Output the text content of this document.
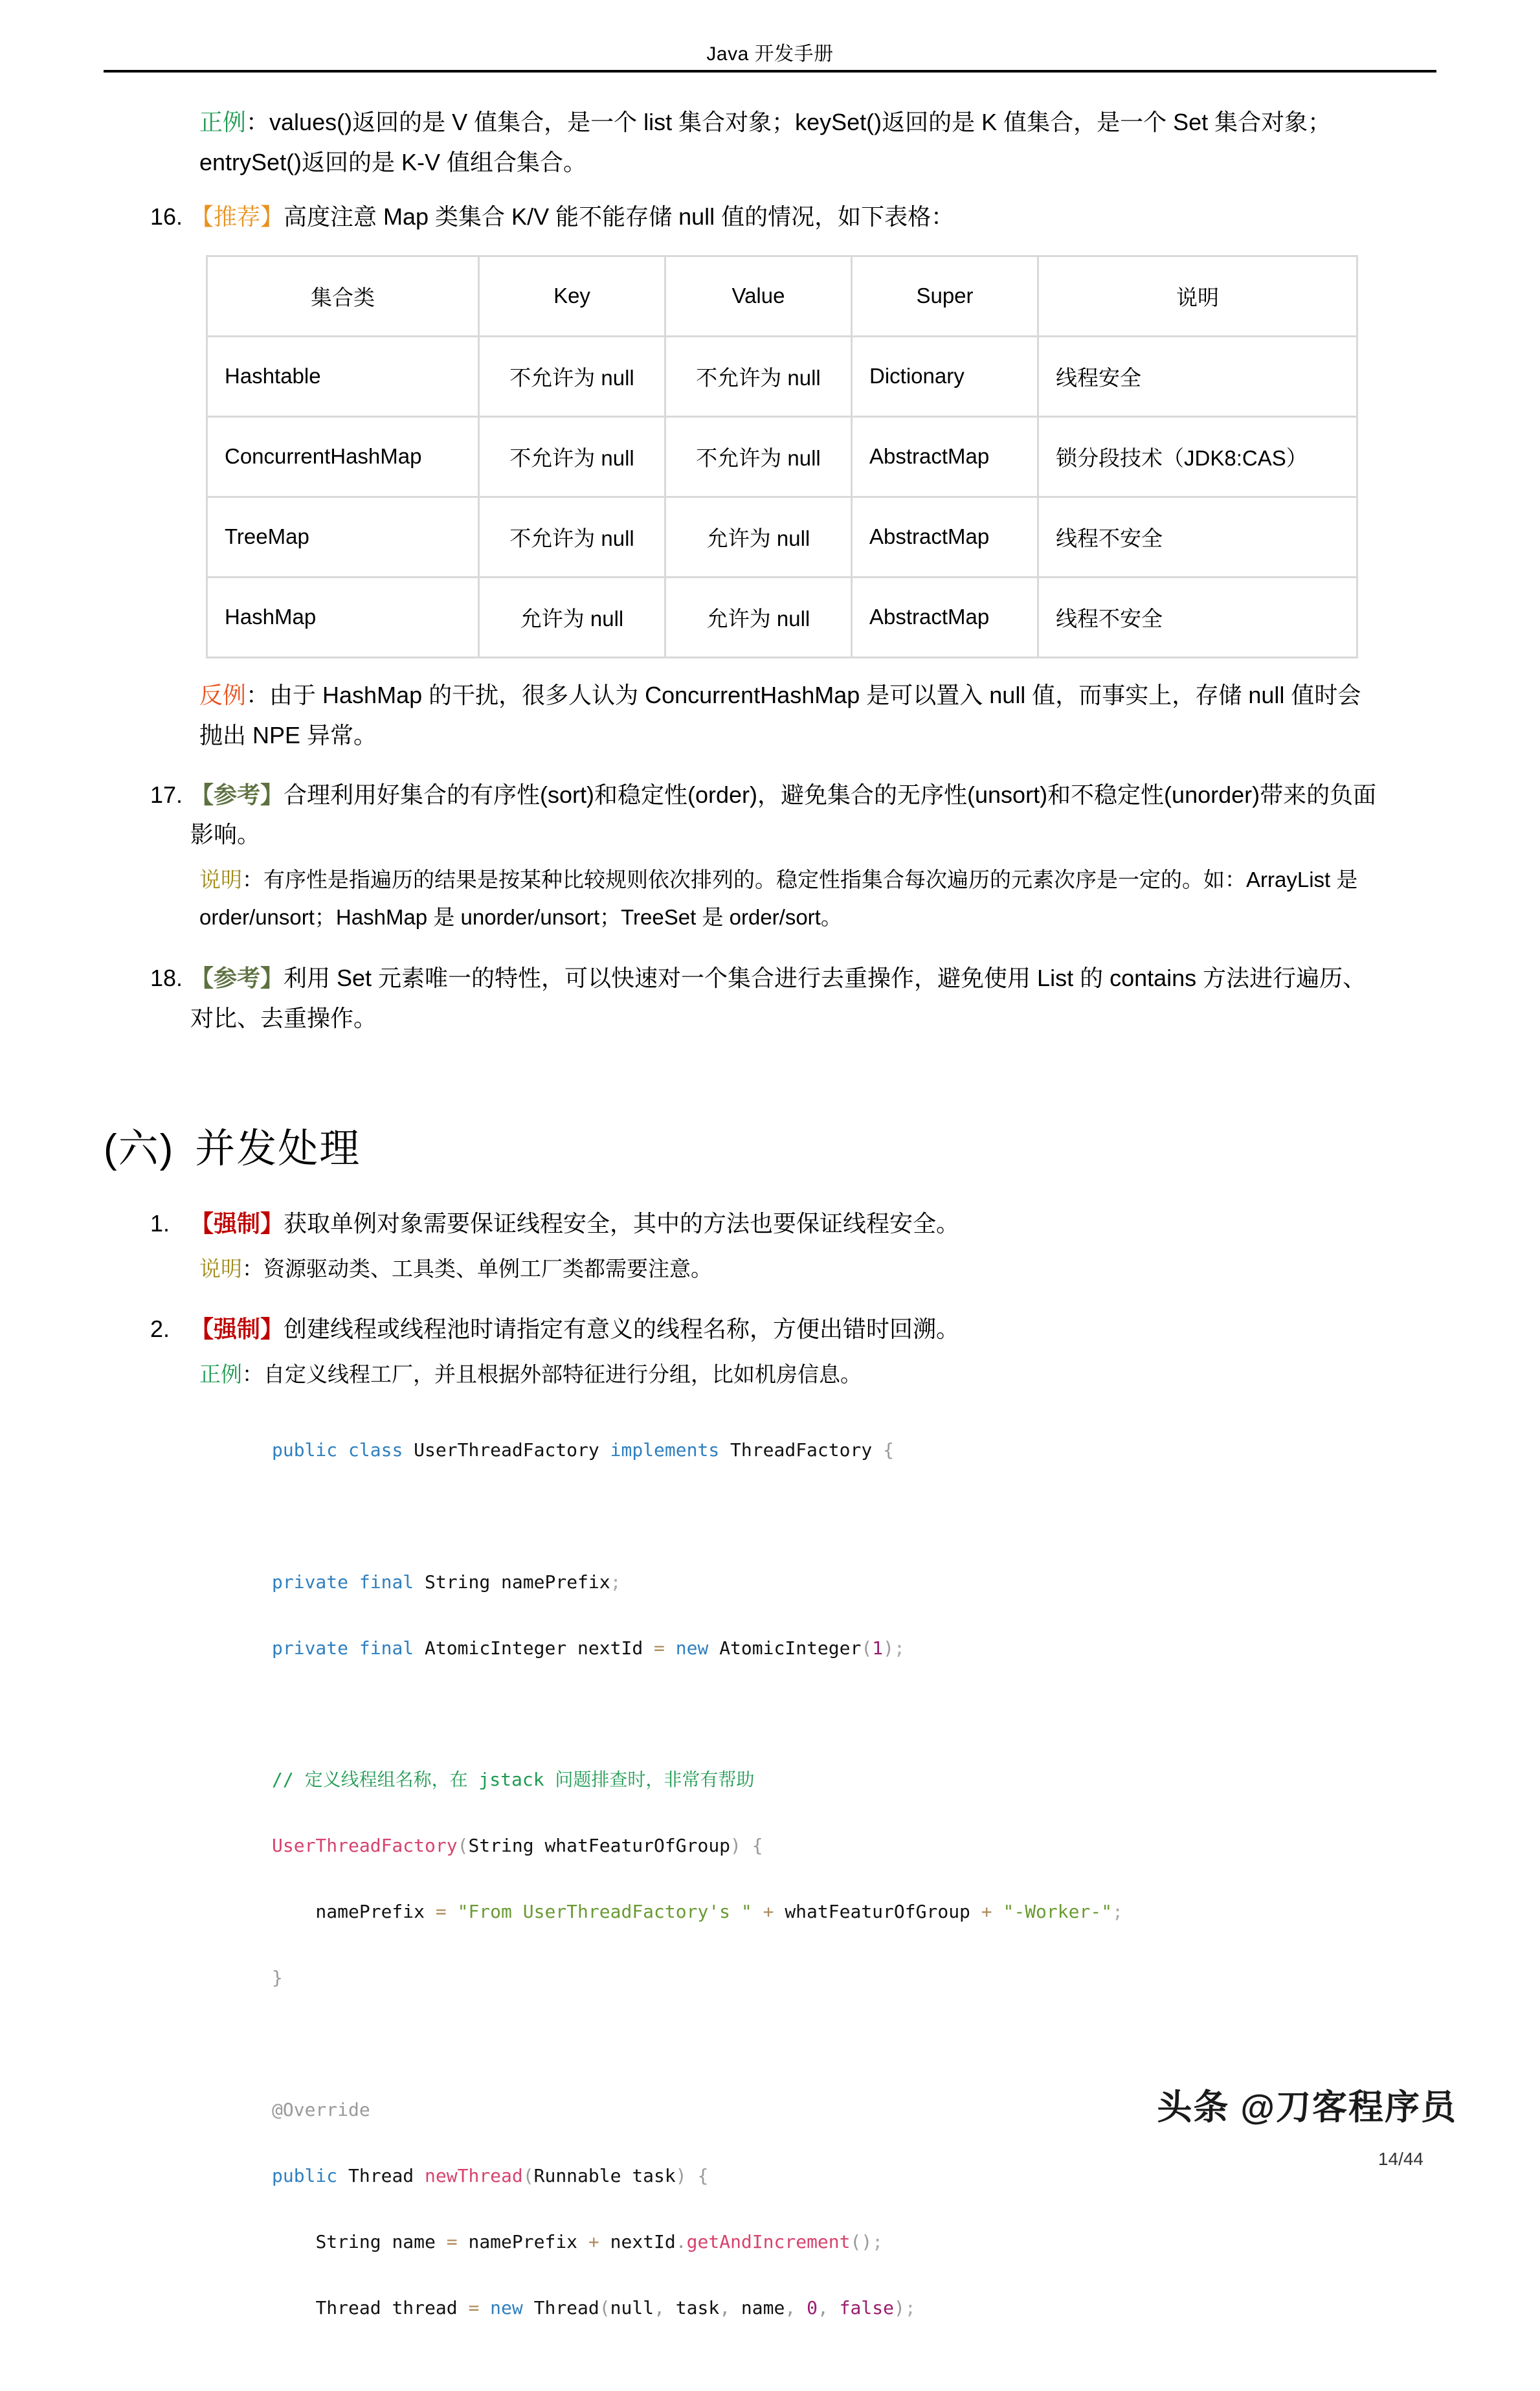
Java 开发手册
正例：values()返回的是 V 值集合，是一个 list 集合对象；keySet()返回的是 K 值集合，是一个 Set 集合对象；entrySet()返回的是 K-V 值组合集合。
16. 【推荐】高度注意 Map 类集合 K/V 能不能存储 null 值的情况，如下表格：
集合类	Key	Value	Super	说明
Hashtable	不允许为 null	不允许为 null	Dictionary	线程安全
ConcurrentHashMap	不允许为 null	不允许为 null	AbstractMap	锁分段技术（JDK8:CAS）
TreeMap	不允许为 null	允许为 null	AbstractMap	线程不安全
HashMap	允许为 null	允许为 null	AbstractMap	线程不安全
反例：由于 HashMap 的干扰，很多人认为 ConcurrentHashMap 是可以置入 null 值，而事实上，存储 null 值时会抛出 NPE 异常。
17. 【参考】合理利用好集合的有序性(sort)和稳定性(order)，避免集合的无序性(unsort)和不稳定性(unorder)带来的负面影响。
说明：有序性是指遍历的结果是按某种比较规则依次排列的。稳定性指集合每次遍历的元素次序是一定的。如：ArrayList 是 order/unsort；HashMap 是 unorder/unsort；TreeSet 是 order/sort。
18. 【参考】利用 Set 元素唯一的特性，可以快速对一个集合进行去重操作，避免使用 List 的 contains 方法进行遍历、对比、去重操作。
(六) 并发处理
1. 【强制】获取单例对象需要保证线程安全，其中的方法也要保证线程安全。
说明：资源驱动类、工具类、单例工厂类都需要注意。
2. 【强制】创建线程或线程池时请指定有意义的线程名称，方便出错时回溯。
正例：自定义线程工厂，并且根据外部特征进行分组，比如机房信息。

public class UserThreadFactory implements ThreadFactory {

private final String namePrefix;

private final AtomicInteger nextId = new AtomicInteger(1);

// 定义线程组名称，在 jstack 问题排查时，非常有帮助

UserThreadFactory(String whatFeaturOfGroup) {

namePrefix = "From UserThreadFactory's " + whatFeaturOfGroup + "-Worker-";

}

@Override

public Thread newThread(Runnable task) {

String name = namePrefix + nextId.getAndIncrement();

Thread thread = new Thread(null, task, name, 0, false);

头条 @刀客程序员
14/44
